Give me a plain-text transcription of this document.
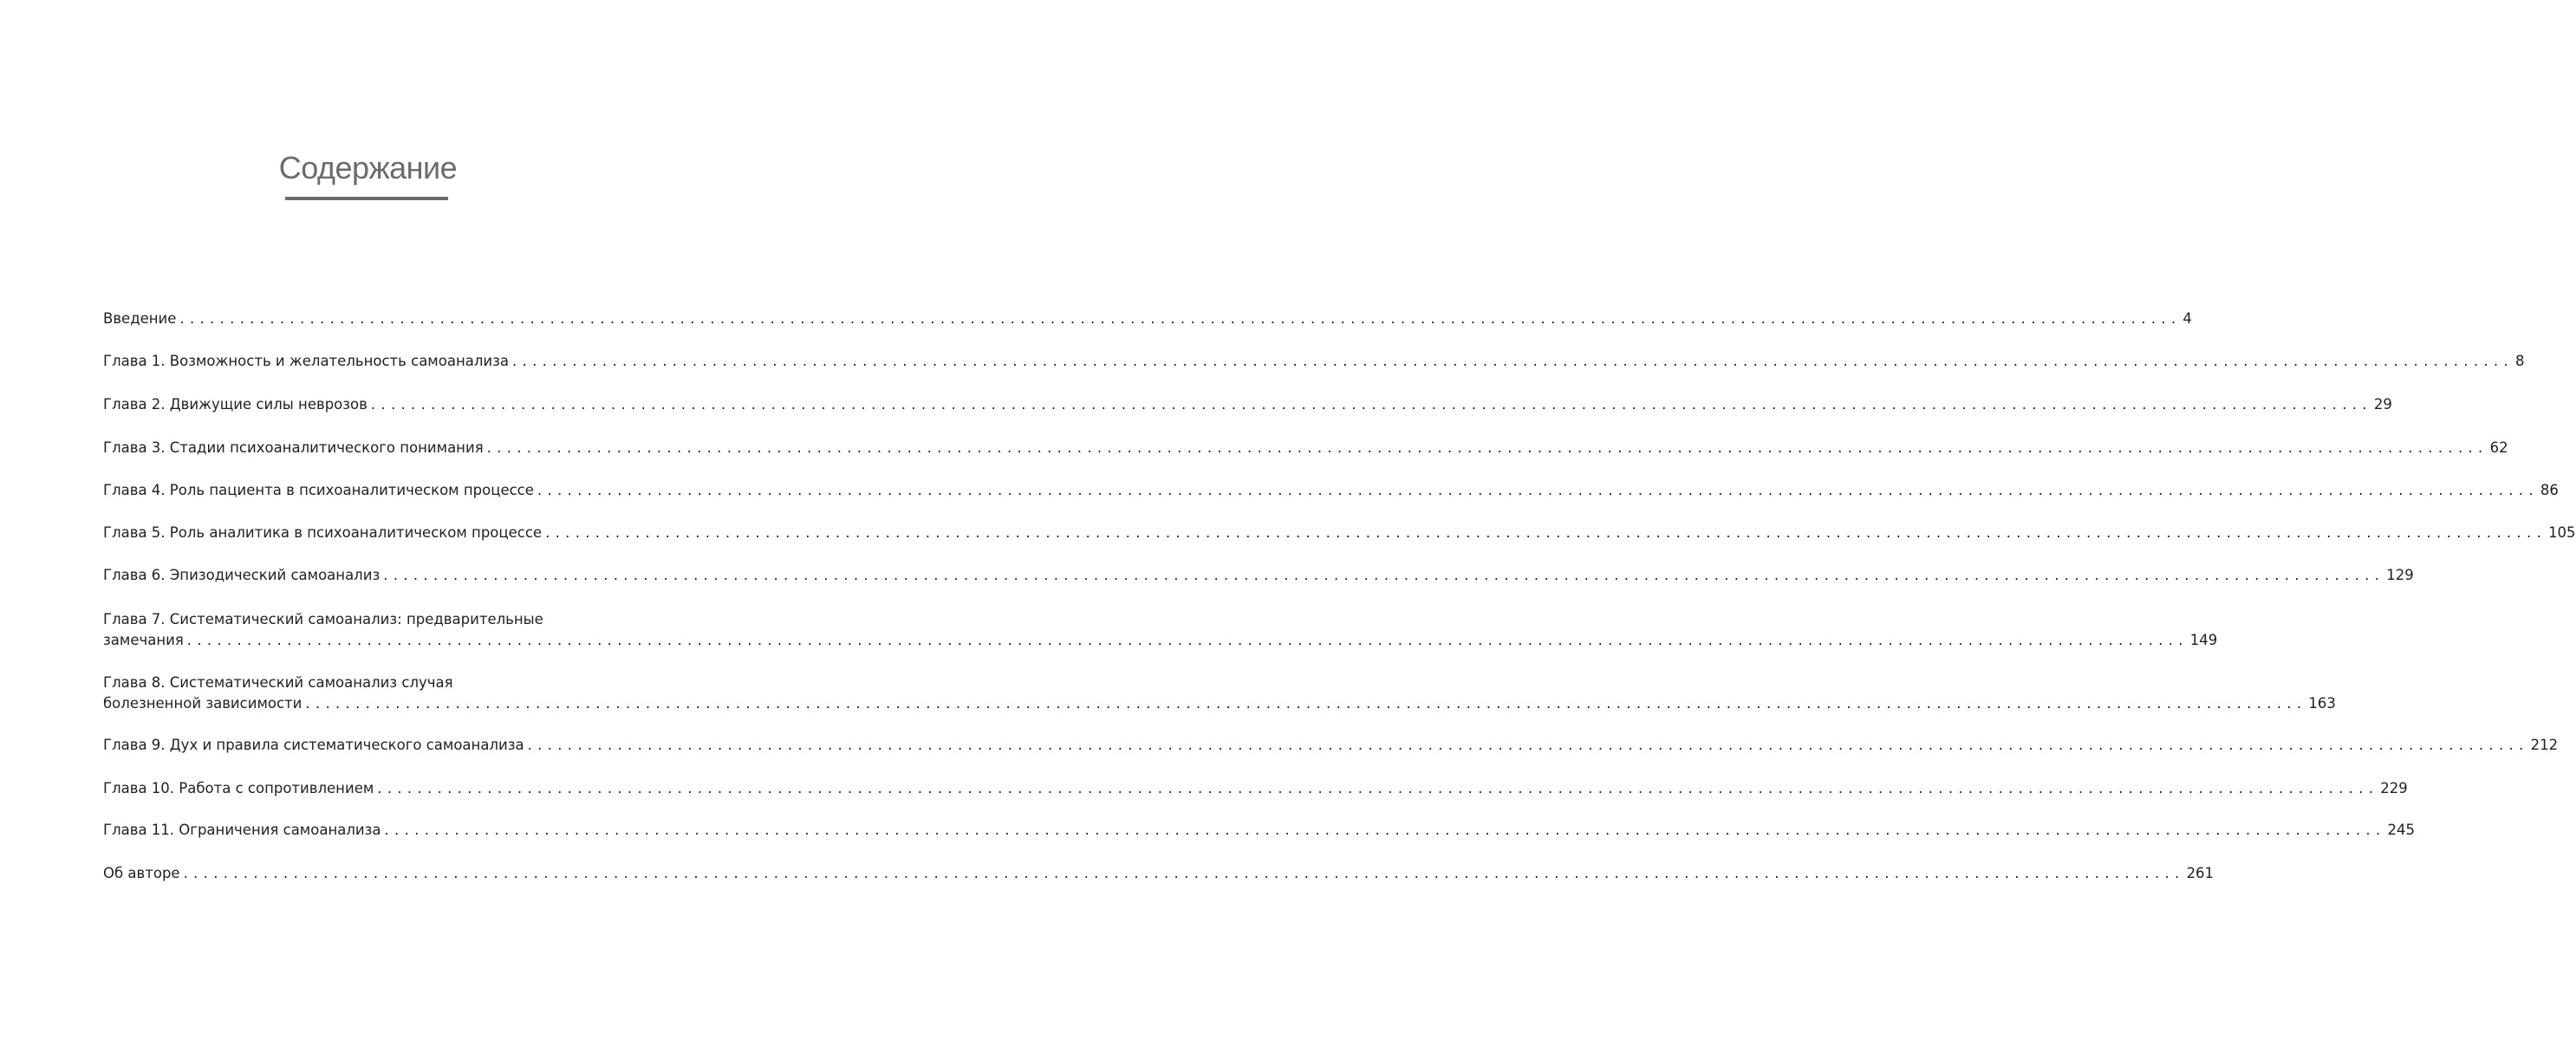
Содержание
Введение ........................................................................................................................................................................................................ 4
Глава 1. Возможность и желательность самоанализа ........................................................................................................................................................................................................ 8
Глава 2. Движущие силы неврозов ........................................................................................................................................................................................................ 29
Глава 3. Стадии психоаналитического понимания ........................................................................................................................................................................................................ 62
Глава 4. Роль пациента в психоаналитическом процессе ........................................................................................................................................................................................................ 86
Глава 5. Роль аналитика в психоаналитическом процессе ........................................................................................................................................................................................................ 105
Глава 6. Эпизодический самоанализ ........................................................................................................................................................................................................ 129
Глава 7. Систематический самоанализ: предварительные
замечания ........................................................................................................................................................................................................ 149
Глава 8. Систематический самоанализ случая
болезненной зависимости ........................................................................................................................................................................................................ 163
Глава 9. Дух и правила систематического самоанализа ........................................................................................................................................................................................................ 212
Глава 10. Работа с сопротивлением ........................................................................................................................................................................................................ 229
Глава 11. Ограничения самоанализа ........................................................................................................................................................................................................ 245
Об авторе ........................................................................................................................................................................................................ 261
